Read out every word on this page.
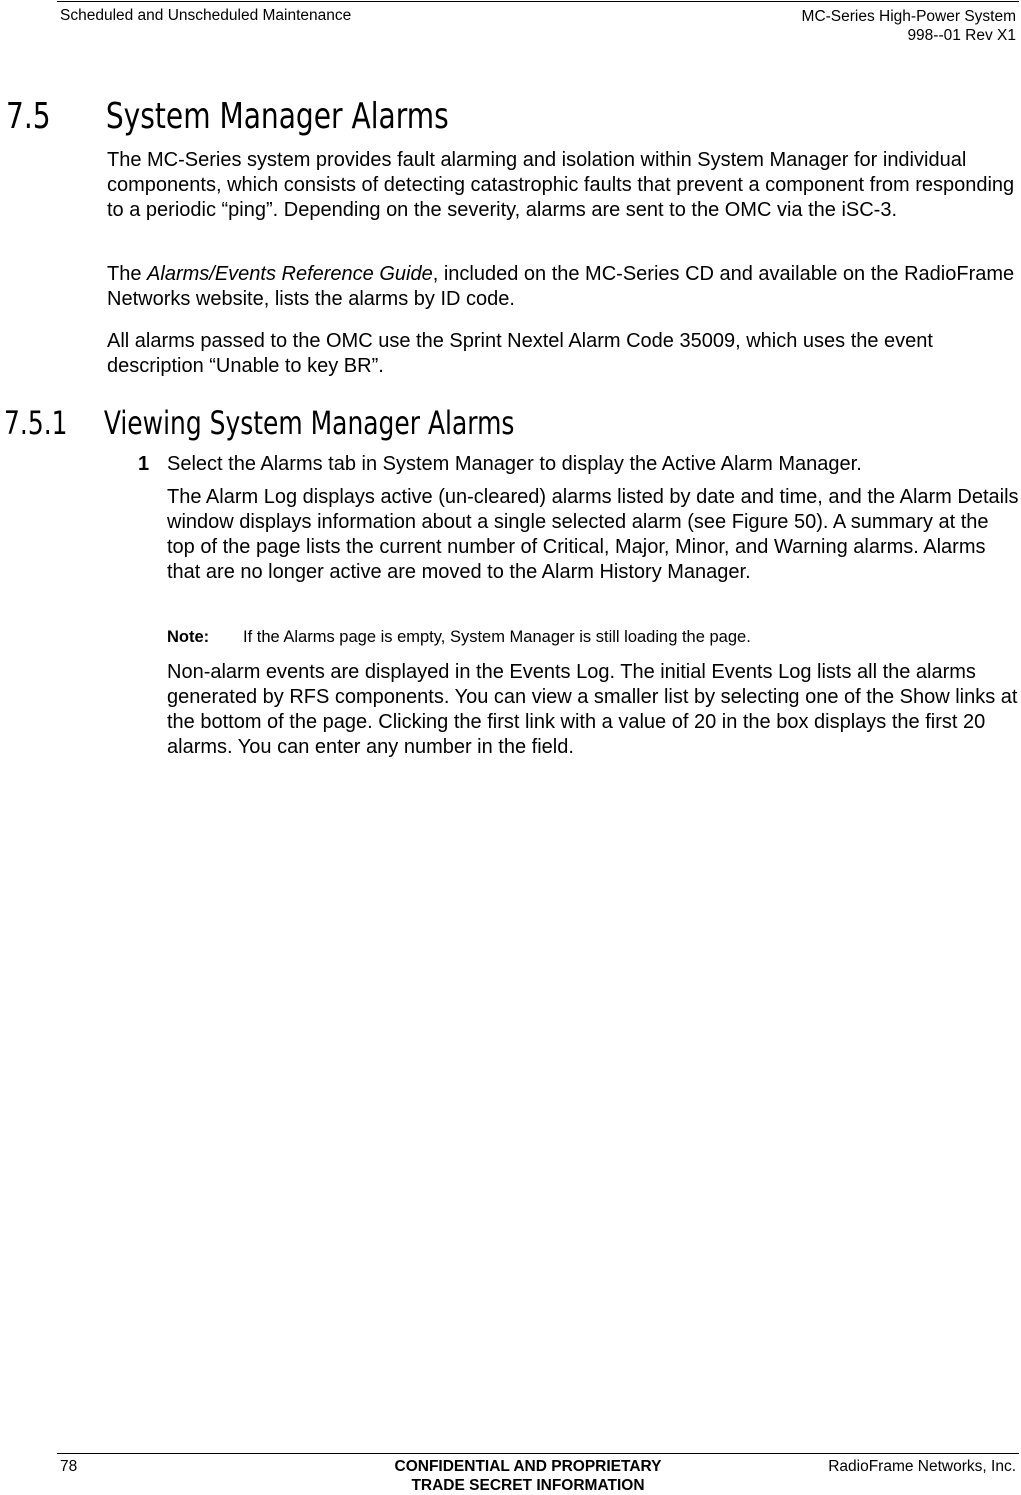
Scheduled and Unscheduled Maintenance	MC-Series High-Power System
998--01 Rev X1
7.5 System Manager Alarms

The MC-Series system provides fault alarming and isolation within System Manager for individual components, which consists of detecting catastrophic faults that prevent a component from responding to a periodic “ping”. Depending on the severity, alarms are sent to the OMC via the iSC-3.

The Alarms/Events Reference Guide, included on the MC-Series CD and available on the RadioFrame Networks website, lists the alarms by ID code.

All alarms passed to the OMC use the Sprint Nextel Alarm Code 35009, which uses the event description “Unable to key BR”.

7.5.1 Viewing System Manager Alarms
1 Select the Alarms tab in System Manager to display the Active Alarm Manager.

The Alarm Log displays active (un-cleared) alarms listed by date and time, and the Alarm Details window displays information about a single selected alarm (see Figure 50). A summary at the top of the page lists the current number of Critical, Major, Minor, and Warning alarms. Alarms that are no longer active are moved to the Alarm History Manager.

Note: If the Alarms page is empty, System Manager is still loading the page.

Non-alarm events are displayed in the Events Log. The initial Events Log lists all the alarms generated by RFS components. You can view a smaller list by selecting one of the Show links at the bottom of the page. Clicking the first link with a value of 20 in the box displays the first 20 alarms. You can enter any number in the field.

78	CONFIDENTIAL AND PROPRIETARY
TRADE SECRET INFORMATION
RadioFrame Networks, Inc.
